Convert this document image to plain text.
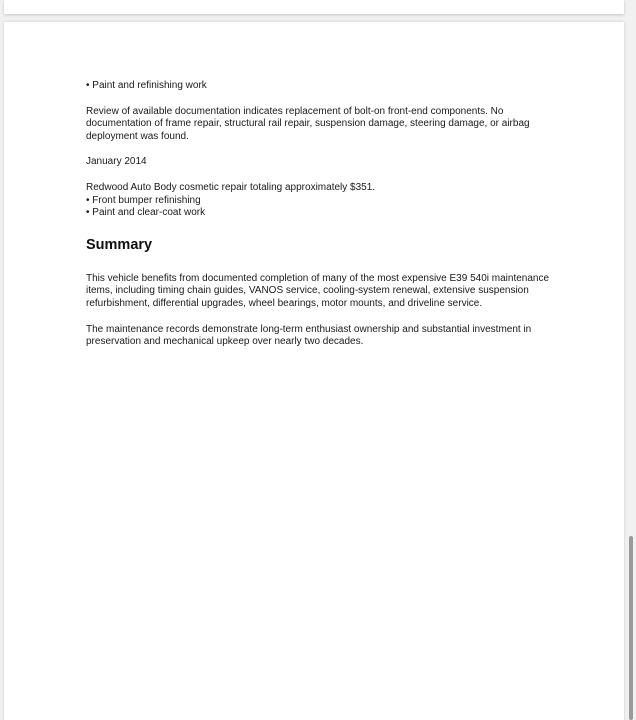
• Paint and refinishing work

Review of available documentation indicates replacement of bolt-on front-end components. No documentation of frame repair, structural rail repair, suspension damage, steering damage, or airbag deployment was found.

January 2014

Redwood Auto Body cosmetic repair totaling approximately $351.

• Front bumper refinishing

• Paint and clear-coat work

Summary

This vehicle benefits from documented completion of many of the most expensive E39 540i maintenance items, including timing chain guides, VANOS service, cooling-system renewal, extensive suspension refurbishment, differential upgrades, wheel bearings, motor mounts, and driveline service.

The maintenance records demonstrate long-term enthusiast ownership and substantial investment in preservation and mechanical upkeep over nearly two decades.
